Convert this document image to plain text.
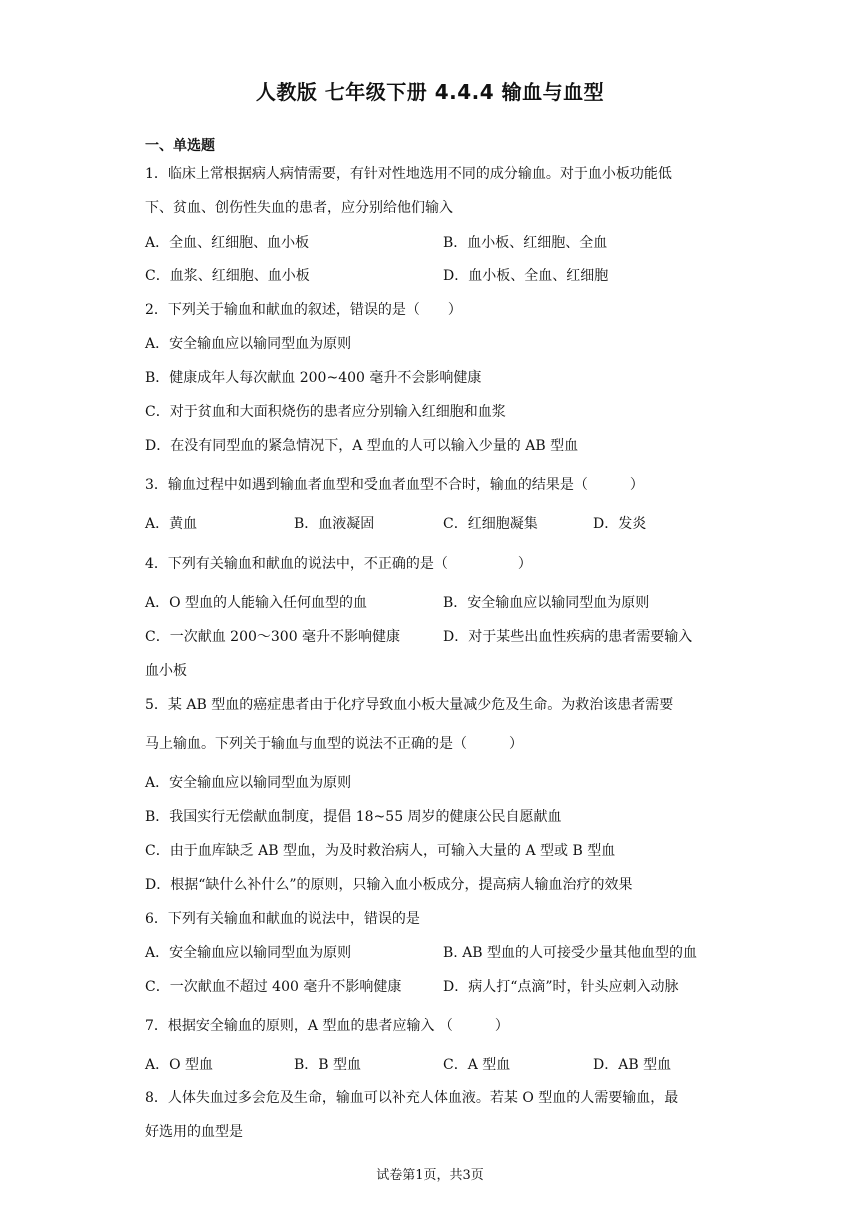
人教版 七年级下册 4.4.4 输血与血型
一、单选题
1．临床上常根据病人病情需要，有针对性地选用不同的成分输血。对于血小板功能低
下、贫血、创伤性失血的患者，应分别给他们输入
A．全血、红细胞、血小板	B．血小板、红细胞、全血
C．血浆、红细胞、血小板	D．血小板、全血、红细胞
2．下列关于输血和献血的叙述，错误的是（　　）
A．安全输血应以输同型血为原则
B．健康成年人每次献血 200~400 毫升不会影响健康
C．对于贫血和大面积烧伤的患者应分别输入红细胞和血浆
D．在没有同型血的紧急情况下，A 型血的人可以输入少量的 AB 型血
3．输血过程中如遇到输血者血型和受血者血型不合时，输血的结果是（　　　）
A．黄血	B．血液凝固	C．红细胞凝集	D．发炎
4．下列有关输血和献血的说法中，不正确的是（　　　　　）
A．O 型血的人能输入任何血型的血	B．安全输血应以输同型血为原则
C．一次献血 200～300 毫升不影响健康	D．对于某些出血性疾病的患者需要输入
血小板
5．某 AB 型血的癌症患者由于化疗导致血小板大量减少危及生命。为救治该患者需要
马上输血。下列关于输血与血型的说法不正确的是（　　　）
A．安全输血应以输同型血为原则
B．我国实行无偿献血制度，提倡 18~55 周岁的健康公民自愿献血
C．由于血库缺乏 AB 型血，为及时救治病人，可输入大量的 A 型或 B 型血
D．根据“缺什么补什么”的原则，只输入血小板成分，提高病人输血治疗的效果
6．下列有关输血和献血的说法中，错误的是
A．安全输血应以输同型血为原则	B. AB 型血的人可接受少量其他血型的血
C．一次献血不超过 400 毫升不影响健康	D．病人打“点滴”时，针头应刺入动脉
7．根据安全输血的原则，A 型血的患者应输入 （　　　）
A．O 型血	B．B 型血	C．A 型血	D．AB 型血
8．人体失血过多会危及生命，输血可以补充人体血液。若某 O 型血的人需要输血，最
好选用的血型是
试卷第1页，共3页
